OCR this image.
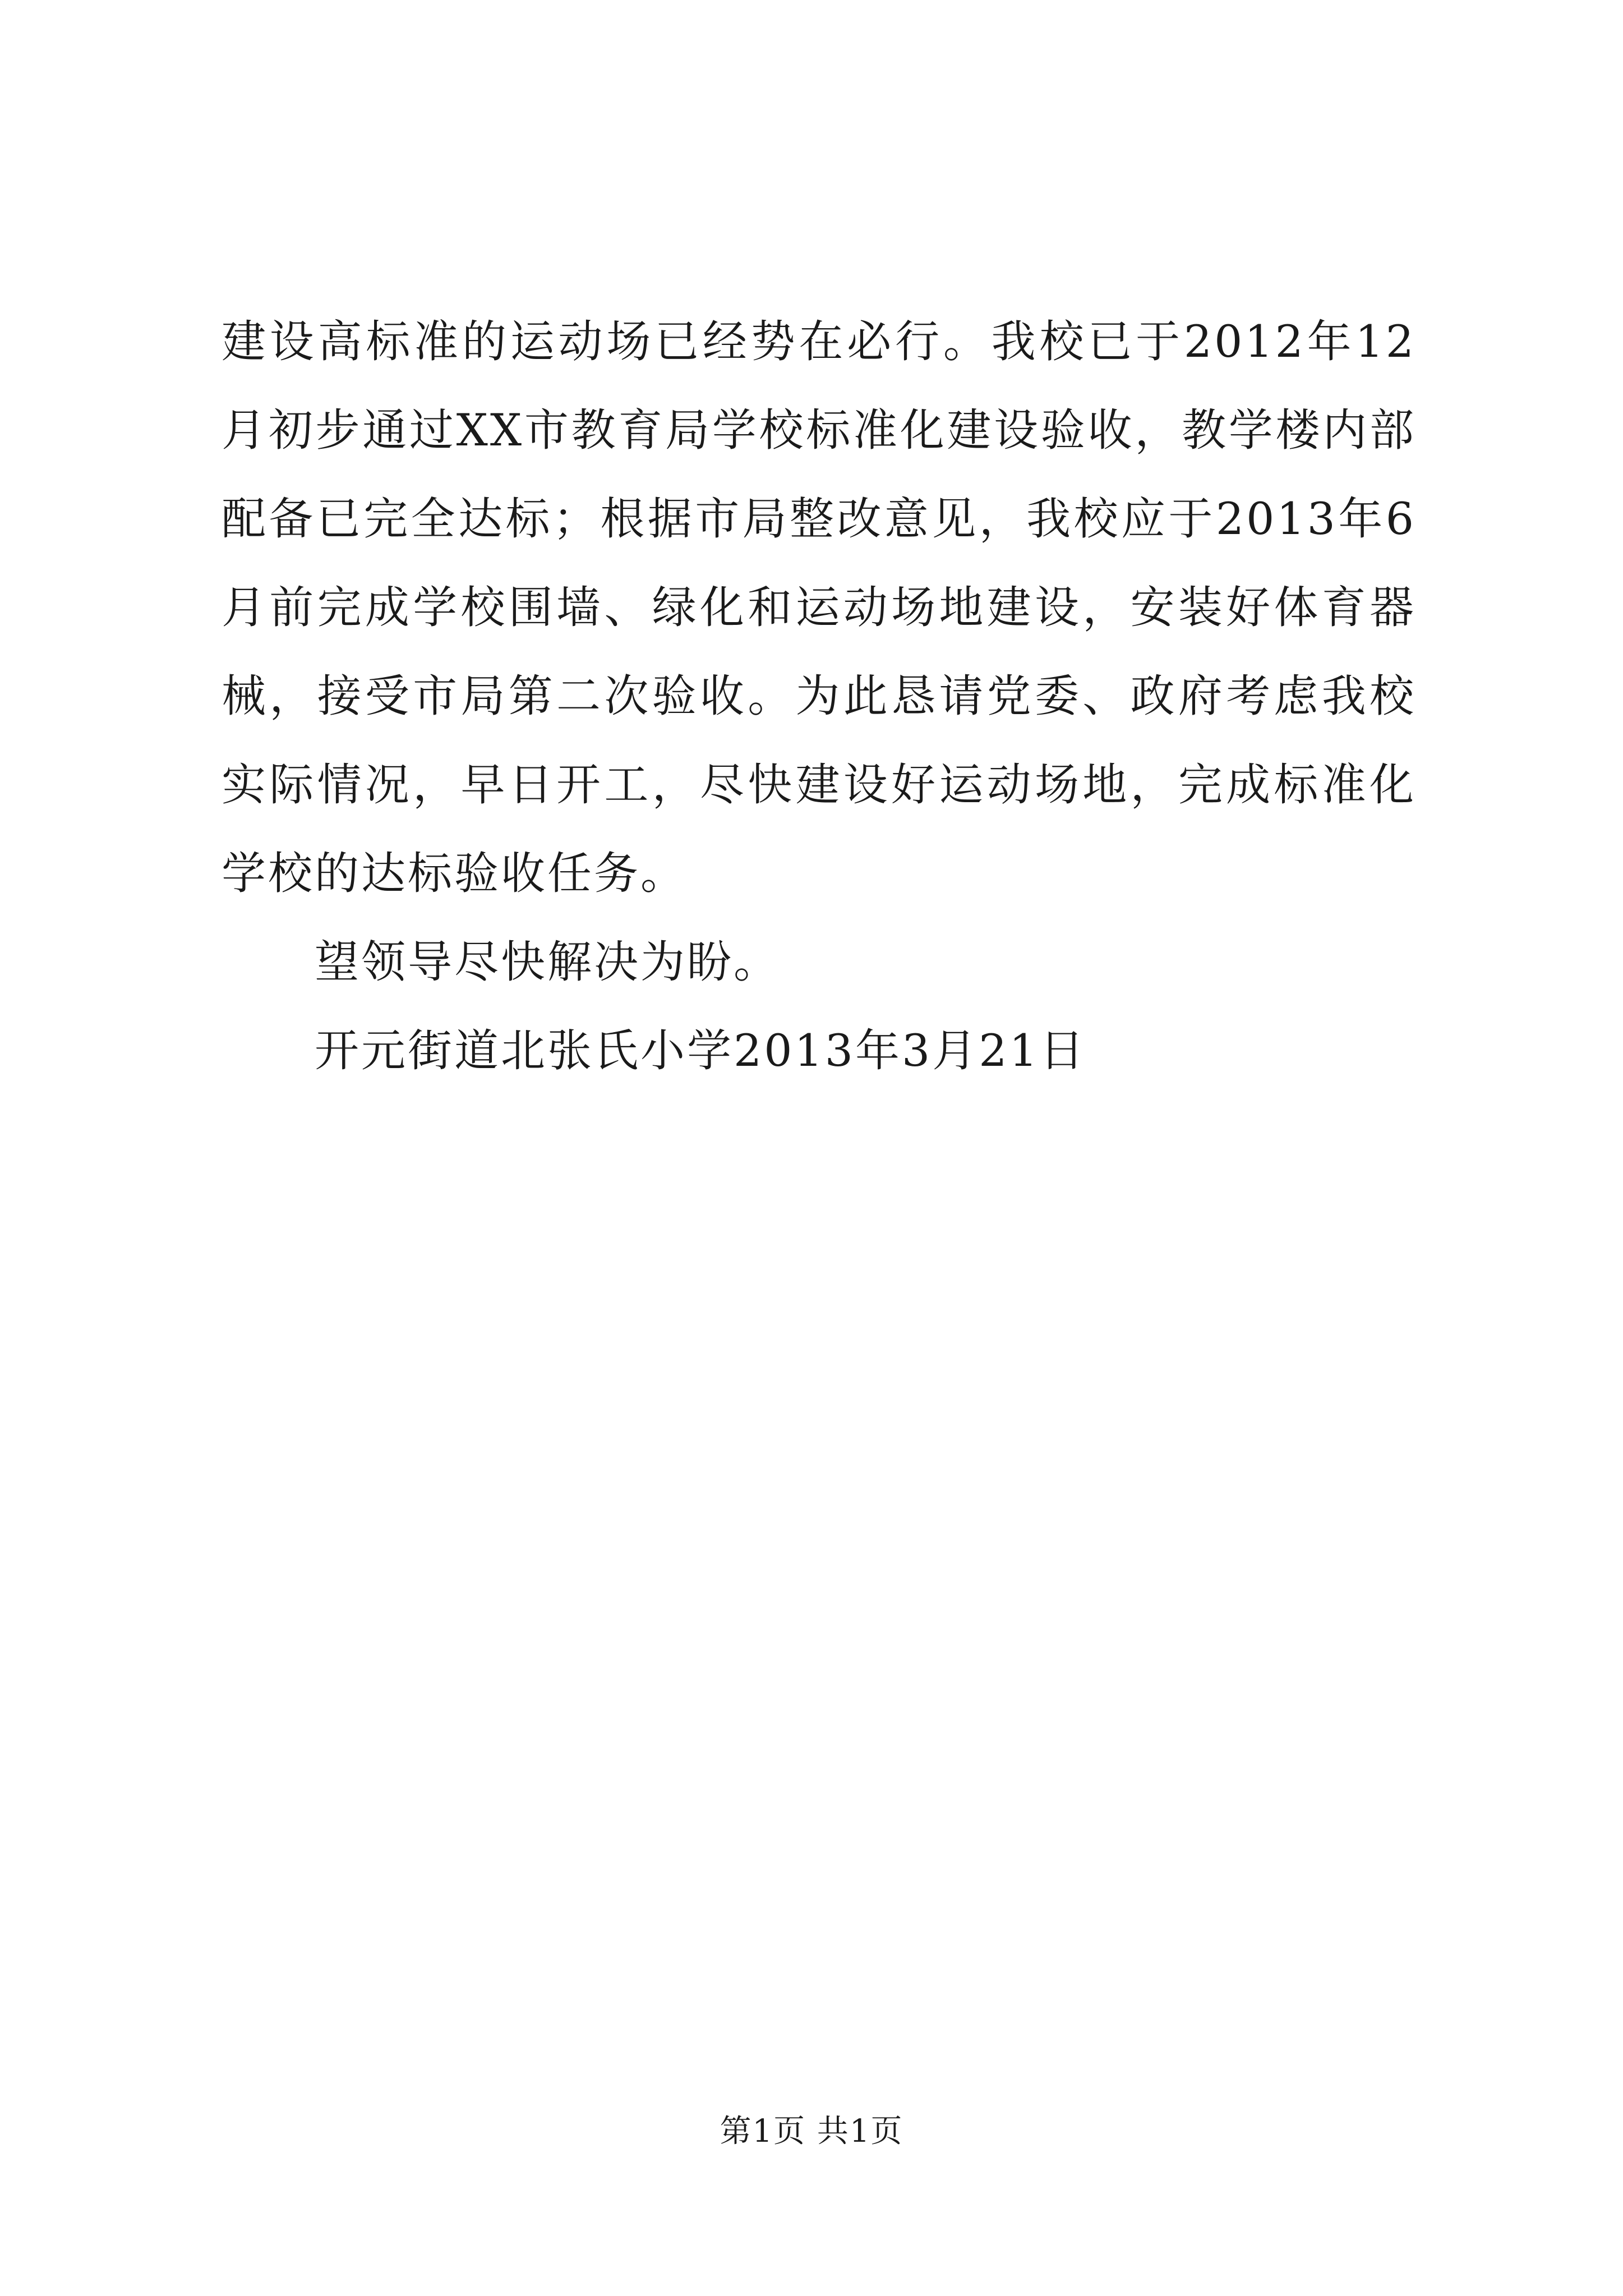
建设高标准的运动场已经势在必行。我校已于2012年12月初步通过XX市教育局学校标准化建设验收，教学楼内部配备已完全达标；根据市局整改意见，我校应于2013年6月前完成学校围墙、绿化和运动场地建设，安装好体育器械，接受市局第二次验收。为此恳请党委、政府考虑我校实际情况，早日开工，尽快建设好运动场地，完成标准化学校的达标验收任务。

望领导尽快解决为盼。

开元街道北张氏小学2013年3月21日

第1页 共1页
